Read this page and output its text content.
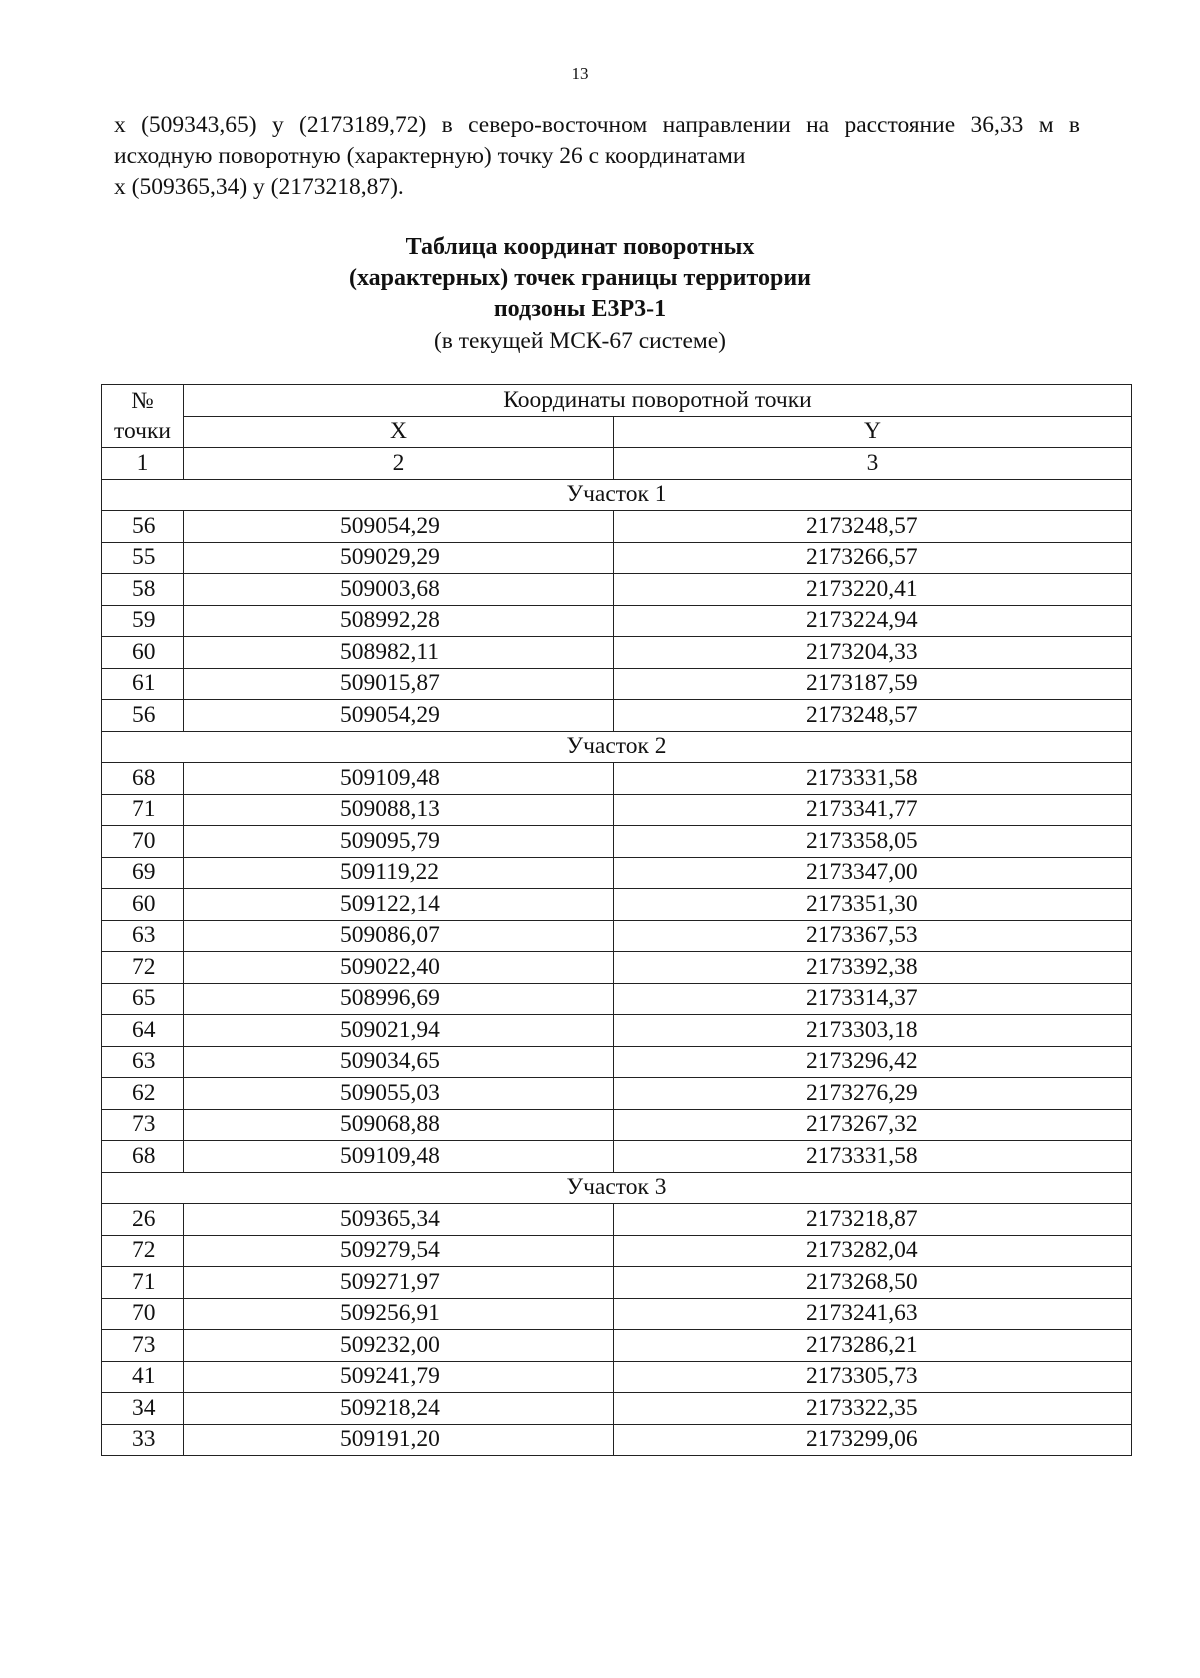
13
x (509343,65) у (2173189,72) в северо-восточном направлении на расстояние 36,33 м в исходную поворотную (характерную) точку 26 с координатами
x (509365,34) у (2173218,87).
Таблица координат поворотных
(характерных) точек границы территории
подзоны Е3Р3-1
(в текущей МСК-67 системе)
№
точки	Координаты поворотной точки	
	X	Y
1	2	3
Участок 1		
56	509054,29	2173248,57
55	509029,29	2173266,57
58	509003,68	2173220,41
59	508992,28	2173224,94
60	508982,11	2173204,33
61	509015,87	2173187,59
56	509054,29	2173248,57
Участок 2		
68	509109,48	2173331,58
71	509088,13	2173341,77
70	509095,79	2173358,05
69	509119,22	2173347,00
60	509122,14	2173351,30
63	509086,07	2173367,53
72	509022,40	2173392,38
65	508996,69	2173314,37
64	509021,94	2173303,18
63	509034,65	2173296,42
62	509055,03	2173276,29
73	509068,88	2173267,32
68	509109,48	2173331,58
Участок 3		
26	509365,34	2173218,87
72	509279,54	2173282,04
71	509271,97	2173268,50
70	509256,91	2173241,63
73	509232,00	2173286,21
41	509241,79	2173305,73
34	509218,24	2173322,35
33	509191,20	2173299,06
